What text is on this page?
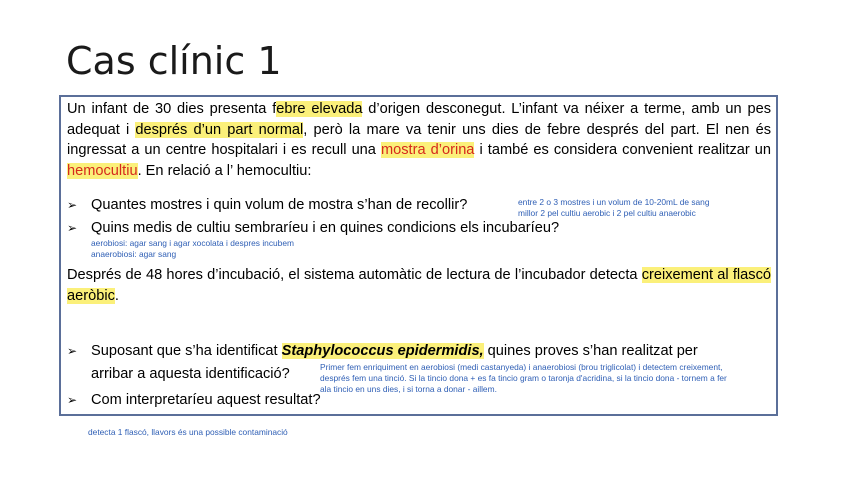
Cas clínic 1
Un infant de 30 dies presenta febre elevada d’origen desconegut. L’infant va néixer a terme, amb un pes adequat i després d’un part normal, però la mare va tenir uns dies de febre després del part. El nen és ingressat a un centre hospitalari i es recull una mostra d’orina i també es considera convenient realitzar un hemocultiu. En relació a l’ hemocultiu:
➢ Quantes mostres i quin volum de mostra s’han de recollir?
➢ Quins medis de cultiu sembraríeu i en quines condicions els incubaríeu?
Després de 48 hores d’incubació, el sistema automàtic de lectura de l’incubador detecta creixement al flascó aeròbic.
➢ Suposant que s’ha identificat Staphylococcus epidermidis, quines proves s’han realitzat per
arribar a aquesta identificació?
➢ Com interpretaríeu aquest resultat?
entre 2 o 3 mostres i un volum de 10-20mL de sang
millor 2 pel cultiu aerobic i 2 pel cultiu anaerobic
aerobiosi: agar sang i agar xocolata i despres incubem
anaerobiosi: agar sang
Primer fem enriquiment en aerobiosi (medi castanyeda) i anaerobiosi (brou triglicolat) i detectem creixement,
després fem una tinció. Si la tincio dona + es fa tincio gram o taronja d'acridina, si la tincio dona - tornem a fer
ala tincio en uns dies, i si torna a donar - aillem.
detecta 1 flascó, llavors és una possible contaminació
